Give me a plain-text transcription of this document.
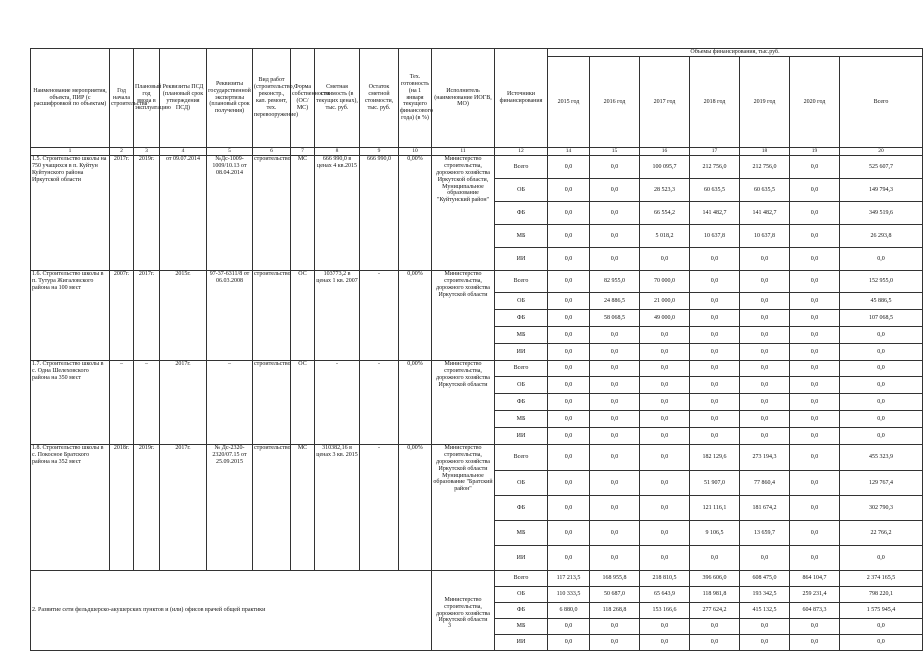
Наименование мероприятия, объекта, ПИР (с расшифровкой по объектам)	Год начала строительства	Плановый год ввода в эксплуатацию	Реквизиты ПСД (плановый срок утверждения ПСД)	Реквизиты государственной экспертизы (плановый срок получения)	Вид работ (строительство, реконстр., кап. ремонт, тех. перевооружение)	Форма собственности (ОС/МС)	Сметная стоимость (в текущих ценах), тыс. руб.	Остаток сметной стоимости, тыс. руб.	Тех. готовность (на 1 января текущего финансового года) (в %)	Исполнитель (наименование ИОГВ, МО)	Источники финансирования	Объемы финансирования, тыс.руб.						
												2015 год	2016 год	2017 год	2018 год	2019 год	2020 год	Всего
1	2	3	4	5	6	7	8	9	10	11	12	14	15	16	17	18	19	20
1.5. Строительство школы на 750 учащихся в п. Куйтун Куйтунского района Иркутской области	2017г.	2019г.	от 09.07.2014	№Дс-1009-1009/10.13 от 08.04.2014	строительство	МС	666 990,0 в ценах 4 кв.2015	666 990,0	0,00%	Министерство строительства, дорожного хозяйства Иркутской области, Муниципальное образование "Куйтунский район"	Всего	0,0	0,0	100 095,7	212 756,0	212 756,0	0,0	525 607,7
											ОБ	0,0	0,0	28 523,3	60 635,5	60 635,5	0,0	149 794,3
											ФБ	0,0	0,0	66 554,2	141 482,7	141 482,7	0,0	349 519,6
											МБ	0,0	0,0	5 018,2	10 637,8	10 637,8	0,0	26 293,8
											ИИ	0,0	0,0	0,0	0,0	0,0	0,0	0,0
1.6. Строительство школы в п. Тутура Жигаловского района на 100 мест	2007г.	2017г.	2015г.	97-37-6311/8 от 06.03.2008	строительство	ОС	103773,2 в ценах 1 кв. 2007	-	0,00%	Министерство строительства, дорожного хозяйства Иркутской области	Всего	0,0	82 955,0	70 000,0	0,0	0,0	0,0	152 955,0
											ОБ	0,0	24 886,5	21 000,0	0,0	0,0	0,0	45 886,5
											ФБ	0,0	58 068,5	49 000,0	0,0	0,0	0,0	107 068,5
											МБ	0,0	0,0	0,0	0,0	0,0	0,0	0,0
											ИИ	0,0	0,0	0,0	0,0	0,0	0,0	0,0
1.7. Строительство школы в с. Одна Шелеховского района на 350 мест	–	–	2017г.	–	строительство	ОС	-	-	0,00%	Министерство строительства, дорожного хозяйства Иркутской области	Всего	0,0	0,0	0,0	0,0	0,0	0,0	0,0
											ОБ	0,0	0,0	0,0	0,0	0,0	0,0	0,0
											ФБ	0,0	0,0	0,0	0,0	0,0	0,0	0,0
											МБ	0,0	0,0	0,0	0,0	0,0	0,0	0,0
											ИИ	0,0	0,0	0,0	0,0	0,0	0,0	0,0
1.8. Строительство школы в с. Покосное Братского района на 352 мест	2018г.	2019г.	2017г.	№ Дс-2320-2320/07.15 от 25.09.2015	строительство	МС	310382,16 в ценах 3 кв. 2015	-	0,00%	Министерство строительства, дорожного хозяйства Иркутской области Муниципальное образование "Братский район"	Всего	0,0	0,0	0,0	182 129,6	273 194,3	0,0	455 323,9
											ОБ	0,0	0,0	0,0	51 907,0	77 860,4	0,0	129 767,4
											ФБ	0,0	0,0	0,0	121 116,1	181 674,2	0,0	302 790,3
											МБ	0,0	0,0	0,0	9 106,5	13 659,7	0,0	22 766,2
											ИИ	0,0	0,0	0,0	0,0	0,0	0,0	0,0
2. Развитие сети фельдшерско-акушерских пунктов и (или) офисов врачей общей практики										Министерство строительства, дорожного хозяйства Иркутской области	Всего	117 213,5	168 955,8	218 810,5	396 606,0	608 475,0	864 104,7	2 374 165,5
											ОБ	110 333,5	50 687,0	65 643,9	118 981,8	193 342,5	259 231,4	798 220,1
											ФБ	6 880,0	118 268,8	153 166,6	277 624,2	415 132,5	604 873,3	1 575 945,4
											МБ	0,0	0,0	0,0	0,0	0,0	0,0	0,0
											ИИ	0,0	0,0	0,0	0,0	0,0	0,0	0,0
3
